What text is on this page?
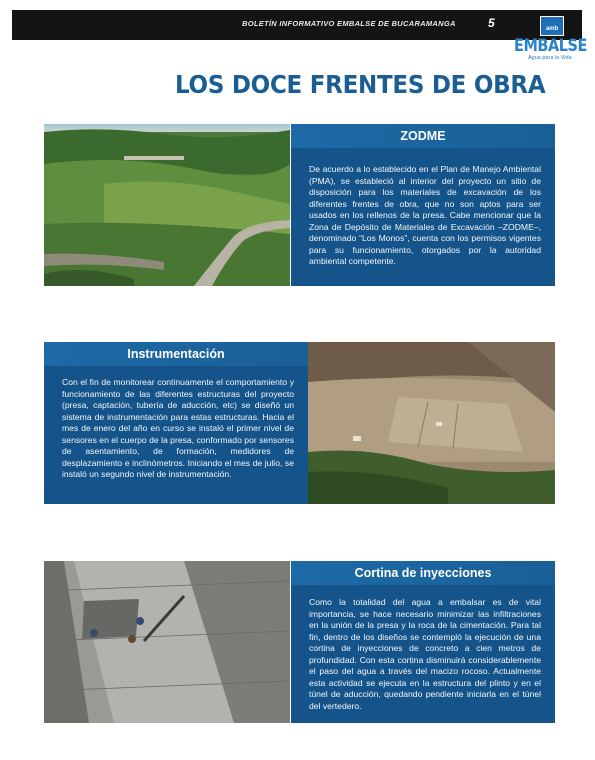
BOLETÍN INFORMATIVO EMBALSE DE BUCARAMANGA	5	amb
EMBALSE
Agua para la Vida
LOS DOCE FRENTES DE OBRA
ZODME
De acuerdo a lo establecido en el Plan de Manejo Ambiental (PMA), se estableció al interior del proyecto un sitio de disposición para los materiales de excavación de los diferentes frentes de obra, que no son aptos para ser usados en los rellenos de la presa. Cabe mencionar que la Zona de Depósito de Materiales de Excavación –ZODME–, denominado “Los Monos”, cuenta con los permisos vigentes para su funcionamiento, otorgados por la autoridad ambiental competente.
Instrumentación
Con el fin de monitorear continuamente el comportamiento y funcionamiento de las diferentes estructuras del proyecto (presa, captación, tubería de aducción, etc) se diseñó un sistema de instrumentación para estas estructuras. Hacia el mes de enero del año en curso se instaló el primer nivel de sensores en el cuerpo de la presa, conformado por sensores de asentamiento, de formación, medidores de desplazamiento e inclinómetros. Iniciando el mes de julio, se instaló un segundo nivel de instrumentación.
Cortina de inyecciones
Como la totalidad del agua a embalsar es de vital importancia, se hace necesario minimizar las infiltraciones en la unión de la presa y la roca de la cimentación. Para tal fin, dentro de los diseños se contempló la ejecución de una cortina de inyecciones de concreto a cien metros de profundidad. Con esta cortina disminuirá considerablemente el paso del agua a través del macizo rocoso. Actualmente esta actividad se ejecuta en la estructura del plinto y en el túnel de aducción, quedando pendiente iniciarla en el túnel del vertedero.
